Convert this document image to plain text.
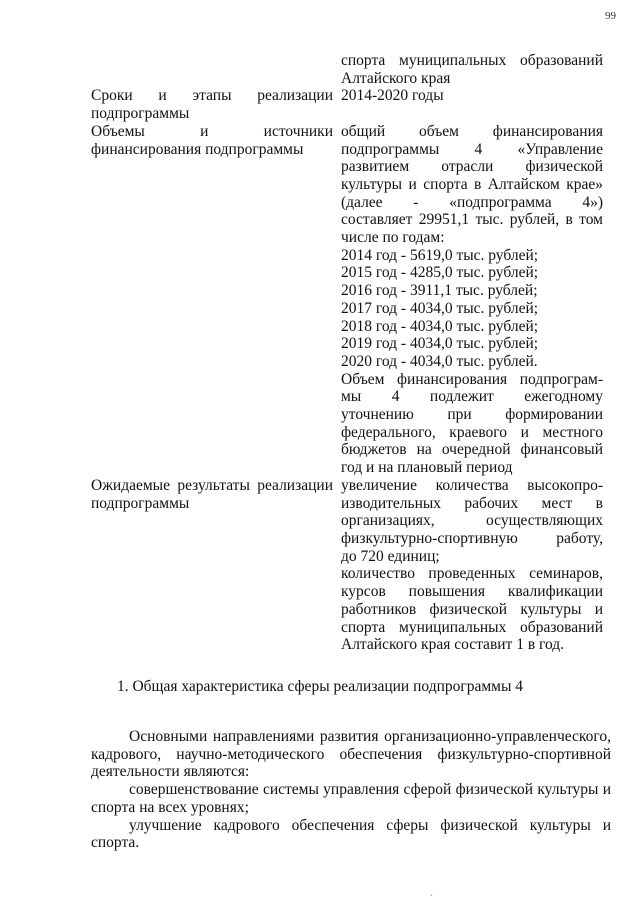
99
спорта муниципальных образований
Алтайского края
Сроки и этапы реализации подпрограммы
2014-2020 годы
Объемы и источники финансирования подпрограммы
общий объем финансирования
подпрограммы 4 «Управление
развитием отрасли физической
культуры и спорта в Алтайском крае»
(далее - «подпрограмма 4»)
составляет 29951,1 тыс. рублей, в том
числе по годам:
2014 год - 5619,0 тыс. рублей;
2015 год - 4285,0 тыс. рублей;
2016 год - 3911,1 тыс. рублей;
2017 год - 4034,0 тыс. рублей;
2018 год - 4034,0 тыс. рублей;
2019 год - 4034,0 тыс. рублей;
2020 год - 4034,0 тыс. рублей.
Объем финансирования подпрограм-
мы 4 подлежит ежегодному
уточнению при формировании
федерального, краевого и местного
бюджетов на очередной финансовый
год и на плановый период
Ожидаемые результаты реализации подпрограммы
увеличение количества высокопро-
изводительных рабочих мест в
организациях, осуществляющих
физкультурно-спортивную работу,
до 720 единиц;
количество проведенных семинаров,
курсов повышения квалификации
работников физической культуры и
спорта муниципальных образований
Алтайского края составит 1 в год.
1. Общая характеристика сферы реализации подпрограммы 4

Основными направлениями развития организационно-управленческого, кадрового, научно-методического обеспечения физкультурно-спортивной деятельности являются:

совершенствование системы управления сферой физической культуры и спорта на всех уровнях;

улучшение кадрового обеспечения сферы физической культуры и спорта.

´
